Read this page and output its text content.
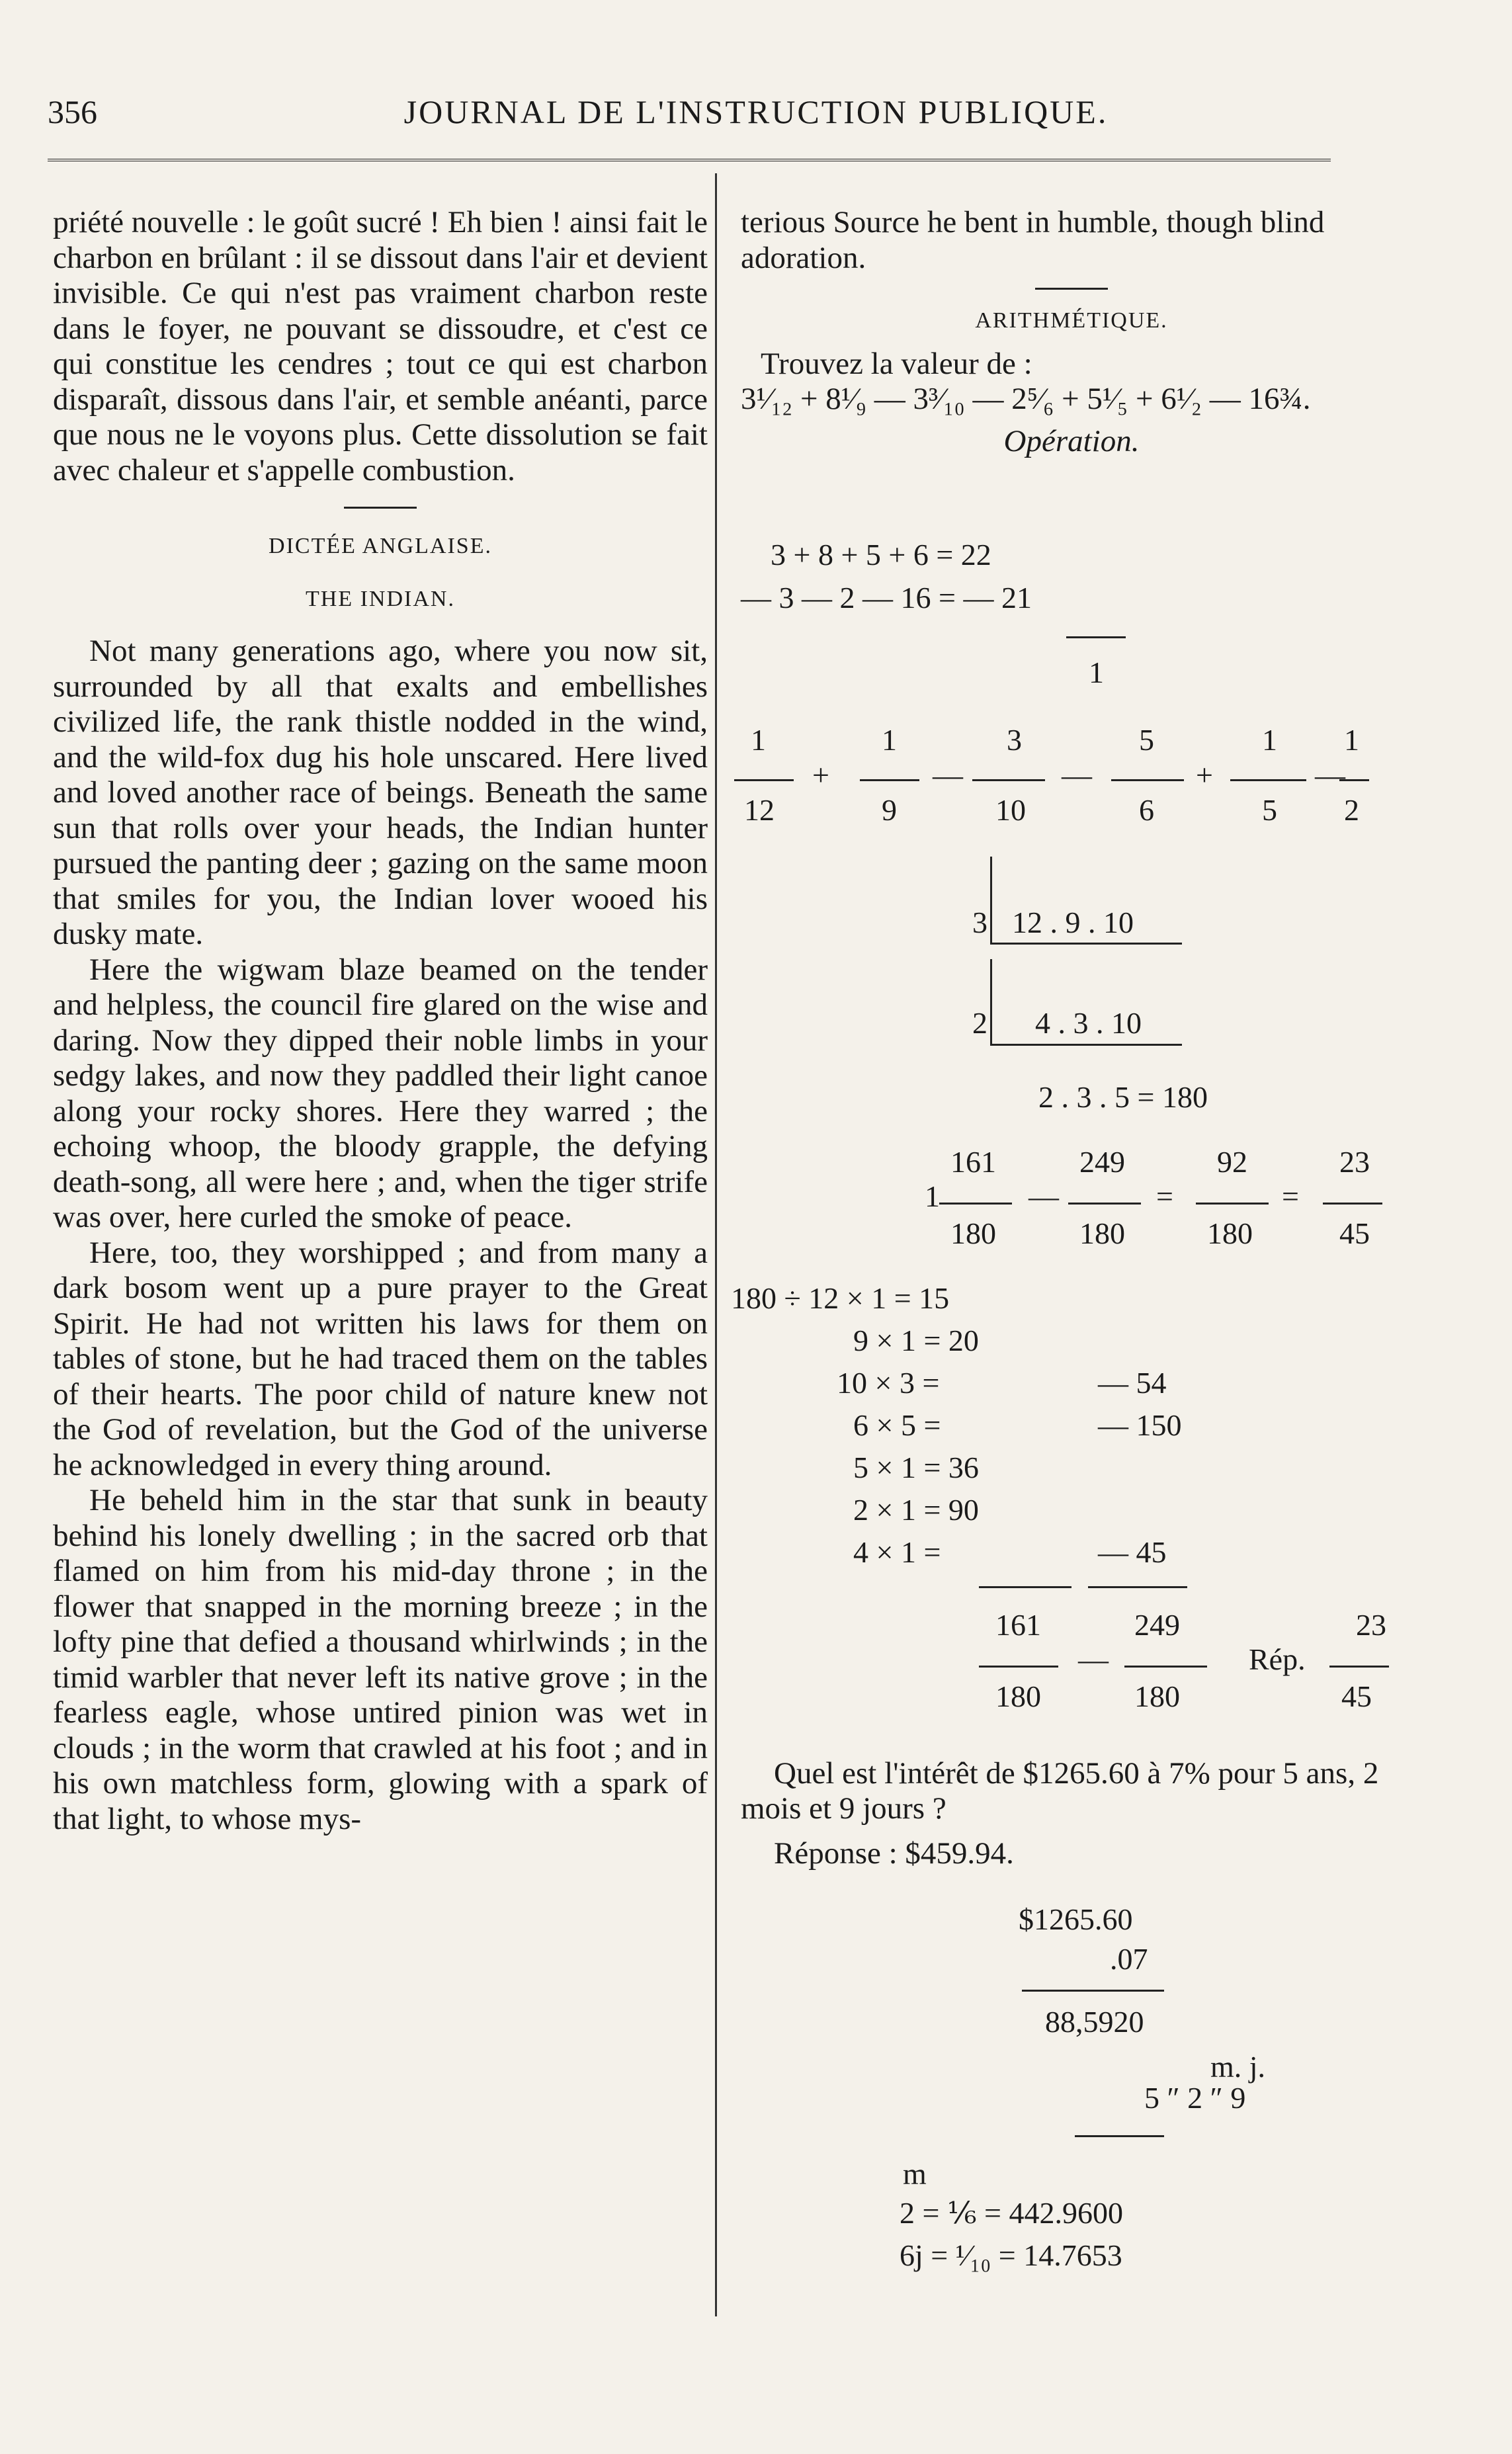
356	JOURNAL DE L'INSTRUCTION PUBLIQUE.

priété nouvelle : le goût sucré ! Eh bien ! ainsi fait le charbon en brûlant : il se dissout dans l'air et devient invisible. Ce qui n'est pas vraiment charbon reste dans le foyer, ne pouvant se dissoudre, et c'est ce qui constitue les cendres ; tout ce qui est charbon disparaît, dissous dans l'air, et semble anéanti, parce que nous ne le voyons plus. Cette dissolution se fait avec chaleur et s'appelle combustion.

DICTÉE ANGLAISE.
THE INDIAN.

Not many generations ago, where you now sit, surrounded by all that exalts and embellishes civilized life, the rank thistle nodded in the wind, and the wild-fox dug his hole unscared. Here lived and loved another race of beings. Beneath the same sun that rolls over your heads, the Indian hunter pursued the panting deer ; gazing on the same moon that smiles for you, the Indian lover wooed his dusky mate.

Here the wigwam blaze beamed on the tender and helpless, the council fire glared on the wise and daring. Now they dipped their noble limbs in your sedgy lakes, and now they paddled their light canoe along your rocky shores. Here they warred ; the echoing whoop, the bloody grapple, the defying death-song, all were here ; and, when the tiger strife was over, here curled the smoke of peace.

Here, too, they worshipped ; and from many a dark bosom went up a pure prayer to the Great Spirit. He had not written his laws for them on tables of stone, but he had traced them on the tables of their hearts. The poor child of nature knew not the God of revelation, but the God of the universe he acknowledged in every thing around.

He beheld him in the star that sunk in beauty behind his lonely dwelling ; in the sacred orb that flamed on him from his mid-day throne ; in the flower that snapped in the morning breeze ; in the lofty pine that defied a thousand whirlwinds ; in the timid warbler that never left its native grove ; in the fearless eagle, whose untired pinion was wet in clouds ; in the worm that crawled at his foot ; and in his own matchless form, glowing with a spark of that light, to whose mys-

terious Source he bent in humble, though blind adoration.

ARITHMÉTIQUE.

Trouvez la valeur de :

3¹⁄₁₂ + 8¹⁄₉ — 3³⁄₁₀ — 2⁵⁄₆ + 5¹⁄₅ + 6¹⁄₂ — 16¾.

Opération.

3 + 8 + 5 + 6 = 22
— 3 — 2 — 16 = — 21
1
1
12
+
1
9
—
3
10
—
5
6
+
1
5
—
1
2
3 12 . 9 . 10
2 4 . 3 . 10
2 . 3 . 5 = 180
1
161
180
—
249
180
=
92
180
=
23
45
180 ÷ 12 × 1 = 15
9 × 1 = 20
10 × 3 =	— 54
6 × 5 =	— 150
5 × 1 = 36
2 × 1 = 90
4 × 1 =	— 45
161
180
—
249
180
Rép.
23
45
Quel est l'intérêt de $1265.60 à 7% pour 5 ans, 2 mois et 9 jours ?
Réponse : $459.94.
$1265.60
.07
88,5920
m. j.
5 ″ 2 ″ 9
m
2 = ⅙ = 442.9600
6j = ¹⁄₁₀ = 14.7653
